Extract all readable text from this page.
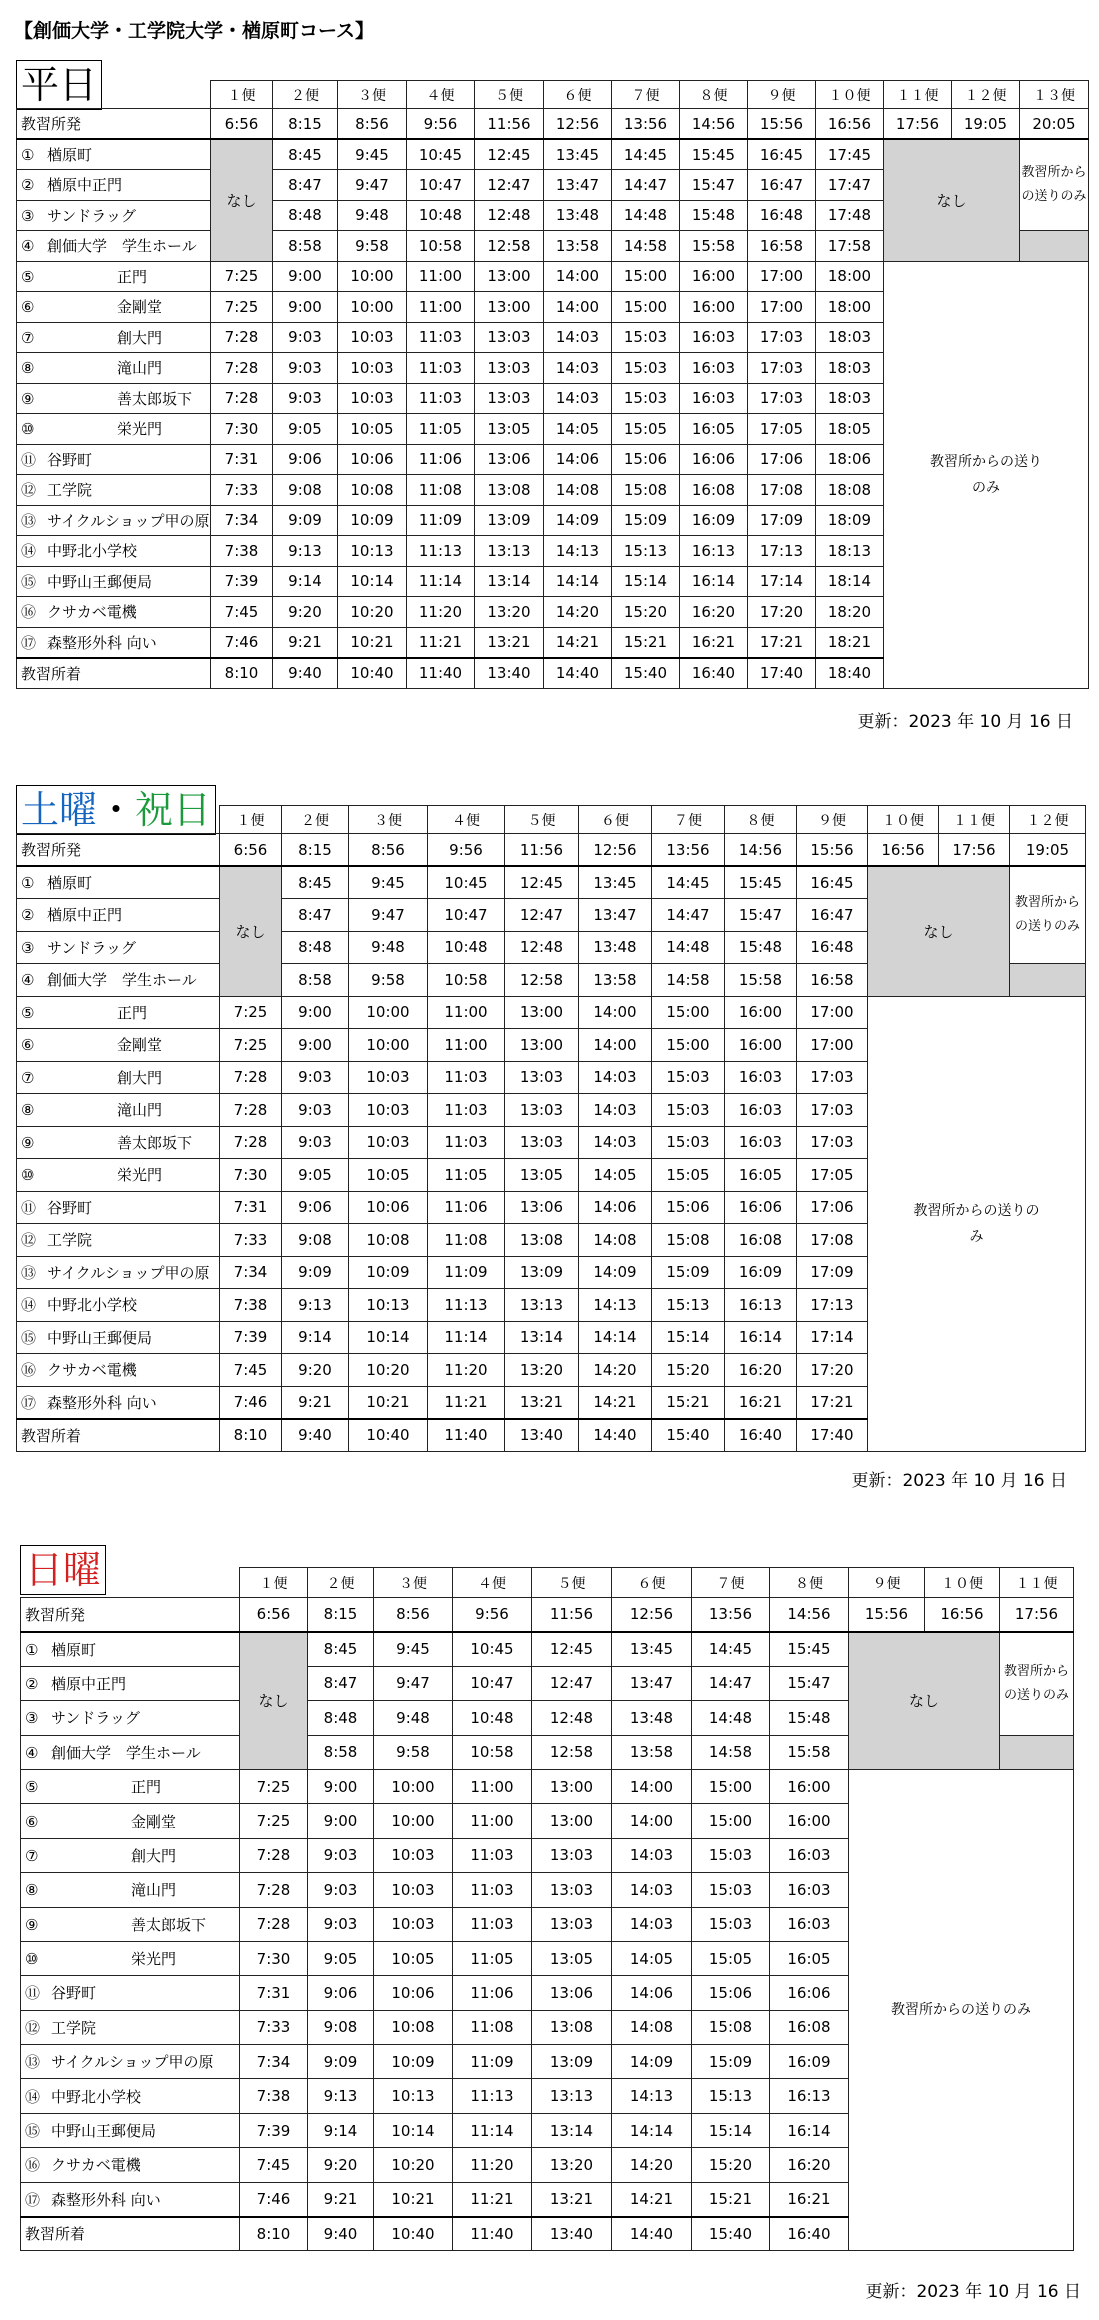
【創価大学・工学院大学・楢原町コース】
平日
		１便	２便	３便	４便	５便	６便	７便	８便	９便	１０便	１１便	１２便	１３便
教習所発	6:56	8:15	8:56	9:56	11:56	12:56	13:56	14:56	15:56	16:56	17:56	19:05	20:05
① 楢原町	なし	8:45	9:45	10:45	12:45	13:45	14:45	15:45	16:45	17:45	なし		教習所からの送りのみ
② 楢原中正門		8:47	9:47	10:47	12:47	13:47	14:47	15:47	16:47	17:47			
③ サンドラッグ		8:48	9:48	10:48	12:48	13:48	14:48	15:48	16:48	17:48			
④ 創価大学　学生ホール		8:58	9:58	10:58	12:58	13:58	14:58	15:58	16:58	17:58			
⑤ 正門	7:25	9:00	10:00	11:00	13:00	14:00	15:00	16:00	17:00	18:00	教習所からの送りのみ		
⑥ 金剛堂	7:25	9:00	10:00	11:00	13:00	14:00	15:00	16:00	17:00	18:00			
⑦ 創大門	7:28	9:03	10:03	11:03	13:03	14:03	15:03	16:03	17:03	18:03			
⑧ 滝山門	7:28	9:03	10:03	11:03	13:03	14:03	15:03	16:03	17:03	18:03			
⑨ 善太郎坂下	7:28	9:03	10:03	11:03	13:03	14:03	15:03	16:03	17:03	18:03			
⑩ 栄光門	7:30	9:05	10:05	11:05	13:05	14:05	15:05	16:05	17:05	18:05			
⑪ 谷野町	7:31	9:06	10:06	11:06	13:06	14:06	15:06	16:06	17:06	18:06			
⑫ 工学院	7:33	9:08	10:08	11:08	13:08	14:08	15:08	16:08	17:08	18:08			
⑬ サイクルショップ甲の原	7:34	9:09	10:09	11:09	13:09	14:09	15:09	16:09	17:09	18:09			
⑭ 中野北小学校	7:38	9:13	10:13	11:13	13:13	14:13	15:13	16:13	17:13	18:13			
⑮ 中野山王郵便局	7:39	9:14	10:14	11:14	13:14	14:14	15:14	16:14	17:14	18:14			
⑯ クサカベ電機	7:45	9:20	10:20	11:20	13:20	14:20	15:20	16:20	17:20	18:20			
⑰ 森整形外科 向い	7:46	9:21	10:21	11:21	13:21	14:21	15:21	16:21	17:21	18:21			
教習所着	8:10	9:40	10:40	11:40	13:40	14:40	15:40	16:40	17:40	18:40			
更新：2023 年 10 月 16 日
土曜・祝日
		１便	２便	３便	４便	５便	６便	７便	８便	９便	１０便	１１便	１２便
教習所発	6:56	8:15	8:56	9:56	11:56	12:56	13:56	14:56	15:56	16:56	17:56	19:05
① 楢原町	なし	8:45	9:45	10:45	12:45	13:45	14:45	15:45	16:45	なし		教習所からの送りのみ
② 楢原中正門		8:47	9:47	10:47	12:47	13:47	14:47	15:47	16:47			
③ サンドラッグ		8:48	9:48	10:48	12:48	13:48	14:48	15:48	16:48			
④ 創価大学　学生ホール		8:58	9:58	10:58	12:58	13:58	14:58	15:58	16:58			
⑤ 正門	7:25	9:00	10:00	11:00	13:00	14:00	15:00	16:00	17:00	教習所からの送りのみ		
⑥ 金剛堂	7:25	9:00	10:00	11:00	13:00	14:00	15:00	16:00	17:00			
⑦ 創大門	7:28	9:03	10:03	11:03	13:03	14:03	15:03	16:03	17:03			
⑧ 滝山門	7:28	9:03	10:03	11:03	13:03	14:03	15:03	16:03	17:03			
⑨ 善太郎坂下	7:28	9:03	10:03	11:03	13:03	14:03	15:03	16:03	17:03			
⑩ 栄光門	7:30	9:05	10:05	11:05	13:05	14:05	15:05	16:05	17:05			
⑪ 谷野町	7:31	9:06	10:06	11:06	13:06	14:06	15:06	16:06	17:06			
⑫ 工学院	7:33	9:08	10:08	11:08	13:08	14:08	15:08	16:08	17:08			
⑬ サイクルショップ甲の原	7:34	9:09	10:09	11:09	13:09	14:09	15:09	16:09	17:09			
⑭ 中野北小学校	7:38	9:13	10:13	11:13	13:13	14:13	15:13	16:13	17:13			
⑮ 中野山王郵便局	7:39	9:14	10:14	11:14	13:14	14:14	15:14	16:14	17:14			
⑯ クサカベ電機	7:45	9:20	10:20	11:20	13:20	14:20	15:20	16:20	17:20			
⑰ 森整形外科 向い	7:46	9:21	10:21	11:21	13:21	14:21	15:21	16:21	17:21			
教習所着	8:10	9:40	10:40	11:40	13:40	14:40	15:40	16:40	17:40			
更新：2023 年 10 月 16 日
日曜
		１便	２便	３便	４便	５便	６便	７便	８便	９便	１０便	１１便
教習所発	6:56	8:15	8:56	9:56	11:56	12:56	13:56	14:56	15:56	16:56	17:56
① 楢原町	なし	8:45	9:45	10:45	12:45	13:45	14:45	15:45	なし		教習所からの送りのみ
② 楢原中正門		8:47	9:47	10:47	12:47	13:47	14:47	15:47			
③ サンドラッグ		8:48	9:48	10:48	12:48	13:48	14:48	15:48			
④ 創価大学　学生ホール		8:58	9:58	10:58	12:58	13:58	14:58	15:58			
⑤ 正門	7:25	9:00	10:00	11:00	13:00	14:00	15:00	16:00	教習所からの送りのみ		
⑥ 金剛堂	7:25	9:00	10:00	11:00	13:00	14:00	15:00	16:00			
⑦ 創大門	7:28	9:03	10:03	11:03	13:03	14:03	15:03	16:03			
⑧ 滝山門	7:28	9:03	10:03	11:03	13:03	14:03	15:03	16:03			
⑨ 善太郎坂下	7:28	9:03	10:03	11:03	13:03	14:03	15:03	16:03			
⑩ 栄光門	7:30	9:05	10:05	11:05	13:05	14:05	15:05	16:05			
⑪ 谷野町	7:31	9:06	10:06	11:06	13:06	14:06	15:06	16:06			
⑫ 工学院	7:33	9:08	10:08	11:08	13:08	14:08	15:08	16:08			
⑬ サイクルショップ甲の原	7:34	9:09	10:09	11:09	13:09	14:09	15:09	16:09			
⑭ 中野北小学校	7:38	9:13	10:13	11:13	13:13	14:13	15:13	16:13			
⑮ 中野山王郵便局	7:39	9:14	10:14	11:14	13:14	14:14	15:14	16:14			
⑯ クサカベ電機	7:45	9:20	10:20	11:20	13:20	14:20	15:20	16:20			
⑰ 森整形外科 向い	7:46	9:21	10:21	11:21	13:21	14:21	15:21	16:21			
教習所着	8:10	9:40	10:40	11:40	13:40	14:40	15:40	16:40			
更新：2023 年 10 月 16 日
